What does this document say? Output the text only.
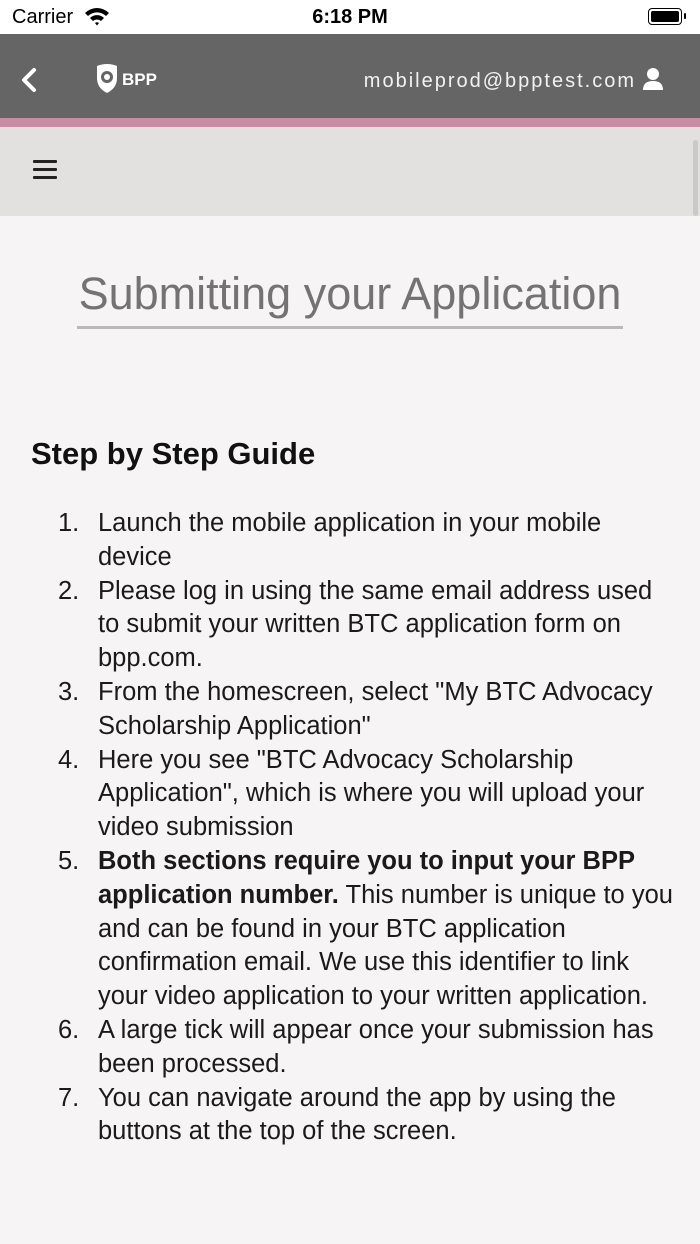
Carrier	6:18 PM
BPP	mobileprod@bpptest.com
Submitting your Application
Step by Step Guide
1. Launch the mobile application in your mobile device
2. Please log in using the same email address used to submit your written BTC application form on bpp.com.
3. From the homescreen, select "My BTC Advocacy Scholarship Application"
4. Here you see "BTC Advocacy Scholarship Application", which is where you will upload your video submission
5. Both sections require you to input your BPP application number. This number is unique to you and can be found in your BTC application confirmation email. We use this identifier to link your video application to your written application.
6. A large tick will appear once your submission has been processed.
7. You can navigate around the app by using the buttons at the top of the screen.
